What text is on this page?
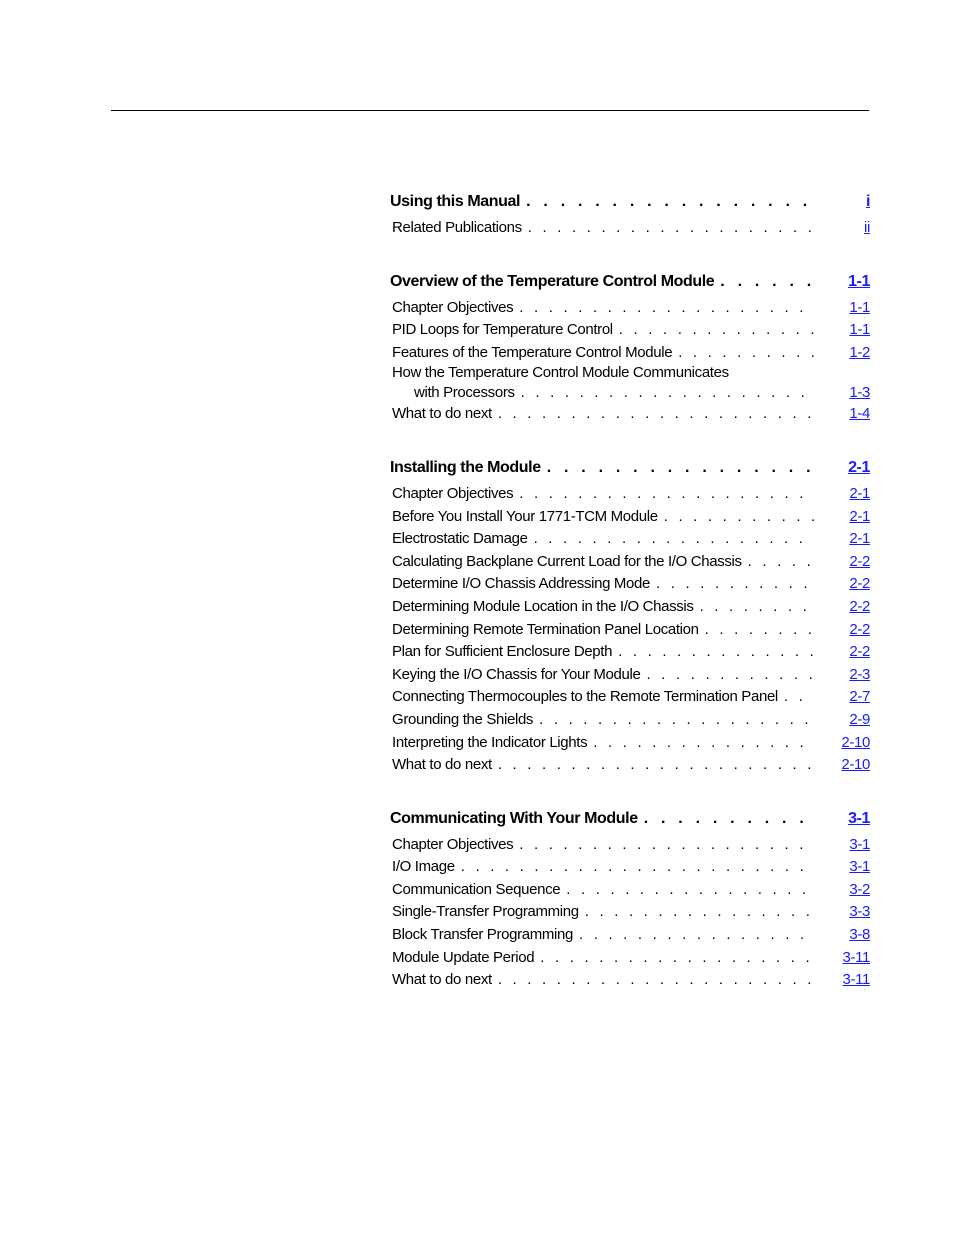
Using this Manual . . .	i
Related Publications . . .	ii
Overview of the Temperature Control Module . . .	1-1
Chapter Objectives . . .	1-1
PID Loops for Temperature Control . . .	1-1
Features of the Temperature Control Module . . .	1-2
How the Temperature Control Module Communicates
with Processors . . .	1-3
What to do next . . .	1-4
Installing the Module . . .	2-1
Chapter Objectives . . .	2-1
Before You Install Your 1771-TCM Module . . .	2-1
Electrostatic Damage . . .	2-1
Calculating Backplane Current Load for the I/O Chassis . . .	2-2
Determine I/O Chassis Addressing Mode . . .	2-2
Determining Module Location in the I/O Chassis . . .	2-2
Determining Remote Termination Panel Location . . .	2-2
Plan for Sufficient Enclosure Depth . . .	2-2
Keying the I/O Chassis for Your Module . . .	2-3
Connecting Thermocouples to the Remote Termination Panel . . .	2-7
Grounding the Shields . . .	2-9
Interpreting the Indicator Lights . . .	2-10
What to do next . . .	2-10
Communicating With Your Module . . .	3-1
Chapter Objectives . . .	3-1
I/O Image . . .	3-1
Communication Sequence . . .	3-2
Single-Transfer Programming . . .	3-3
Block Transfer Programming . . .	3-8
Module Update Period . . .	3-11
What to do next . . .	3-11
